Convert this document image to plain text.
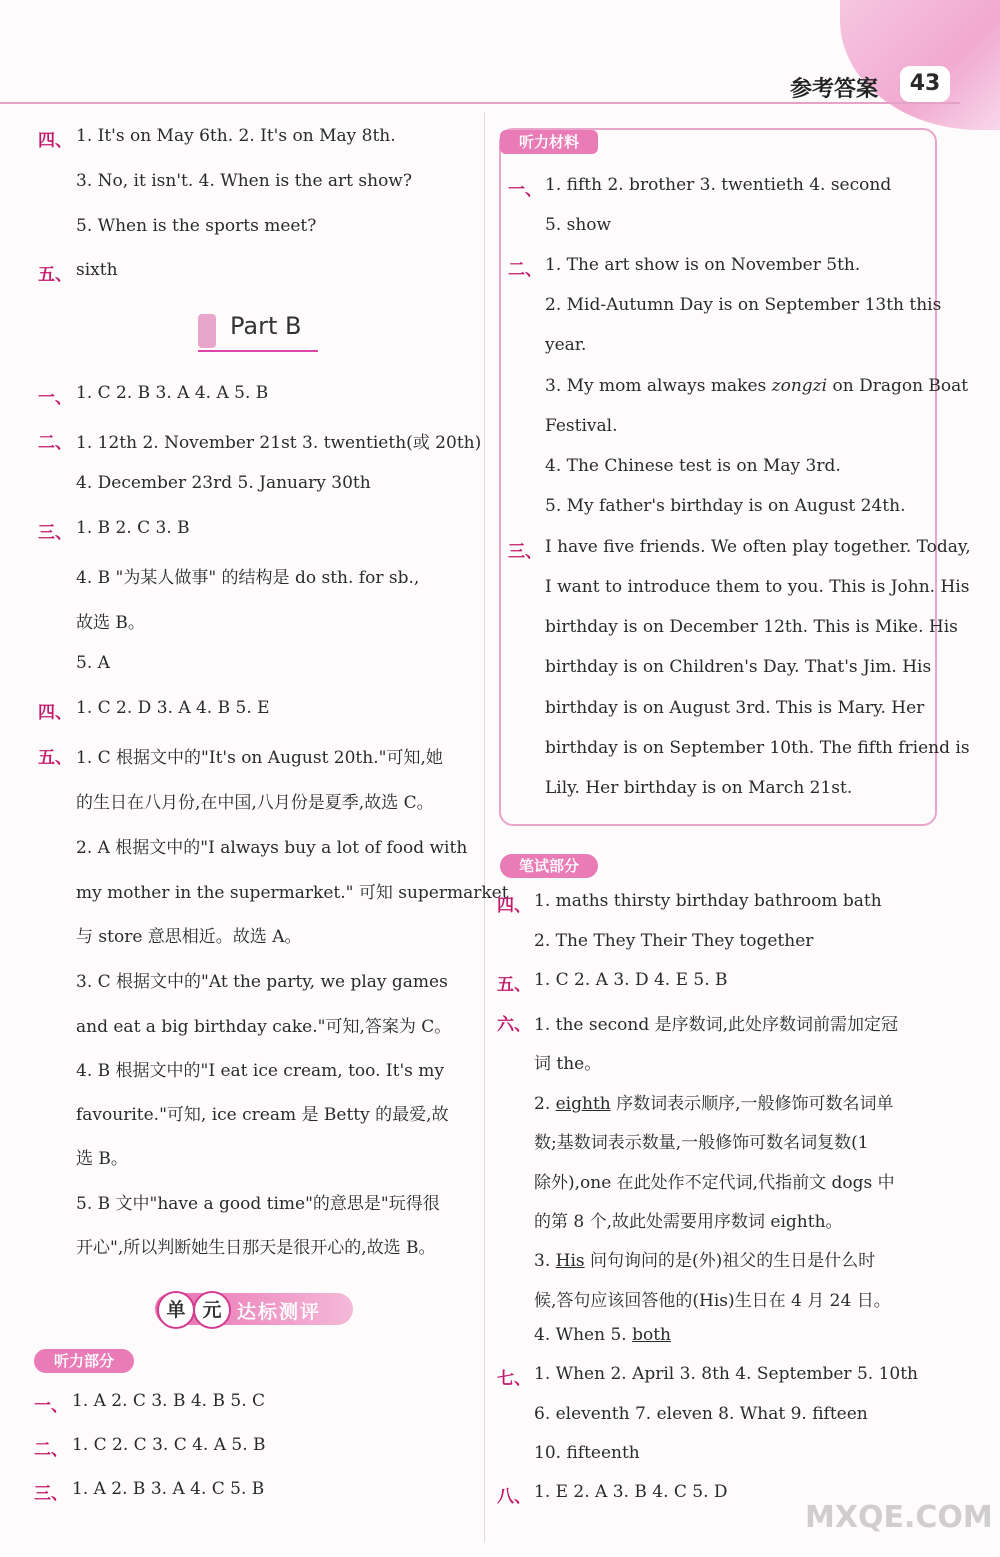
参考答案	43
四、 1. It's on May 6th. 2. It's on May 8th.
3. No, it isn't. 4. When is the art show?
5. When is the sports meet?
五、 sixth
Part B
一、 1. C 2. B 3. A 4. A 5. B
二、 1. 12th 2. November 21st 3. twentieth(或 20th)
4. December 23rd 5. January 30th
三、 1. B 2. C 3. B
4. B "为某人做事" 的结构是 do sth. for sb.,
故选 B。
5. A
四、 1. C 2. D 3. A 4. B 5. E
五、 1. C 根据文中的"It's on August 20th."可知,她
的生日在八月份,在中国,八月份是夏季,故选 C。
2. A 根据文中的"I always buy a lot of food with
my mother in the supermarket." 可知 supermarket
与 store 意思相近。故选 A。
3. C 根据文中的"At the party, we play games
and eat a big birthday cake."可知,答案为 C。
4. B 根据文中的"I eat ice cream, too. It's my
favourite."可知, ice cream 是 Betty 的最爱,故
选 B。
5. B 文中"have a good time"的意思是"玩得很
开心",所以判断她生日那天是很开心的,故选 B。
单 元 达标测评
听力部分
一、 1. A 2. C 3. B 4. B 5. C
二、 1. C 2. C 3. C 4. A 5. B
三、 1. A 2. B 3. A 4. C 5. B
听力材料
一、 1. fifth 2. brother 3. twentieth 4. second
5. show
二、 1. The art show is on November 5th.
2. Mid-Autumn Day is on September 13th this
year.
3. My mom always makes zongzi on Dragon Boat
Festival.
4. The Chinese test is on May 3rd.
5. My father's birthday is on August 24th.
三、 I have five friends. We often play together. Today,
I want to introduce them to you. This is John. His
birthday is on December 12th. This is Mike. His
birthday is on Children's Day. That's Jim. His
birthday is on August 3rd. This is Mary. Her
birthday is on September 10th. The fifth friend is
Lily. Her birthday is on March 21st.
笔试部分
四、 1. maths thirsty birthday bathroom bath
2. The They Their They together
五、 1. C 2. A 3. D 4. E 5. B
六、 1. the second 是序数词,此处序数词前需加定冠
词 the。
2. eighth 序数词表示顺序,一般修饰可数名词单
数;基数词表示数量,一般修饰可数名词复数(1
除外),one 在此处作不定代词,代指前文 dogs 中
的第 8 个,故此处需要用序数词 eighth。
3. His 问句询问的是(外)祖父的生日是什么时
候,答句应该回答他的(His)生日在 4 月 24 日。
4. When 5. both
七、 1. When 2. April 3. 8th 4. September 5. 10th
6. eleventh 7. eleven 8. What 9. fifteen
10. fifteenth
八、 1. E 2. A 3. B 4. C 5. D
MXQE.COM
